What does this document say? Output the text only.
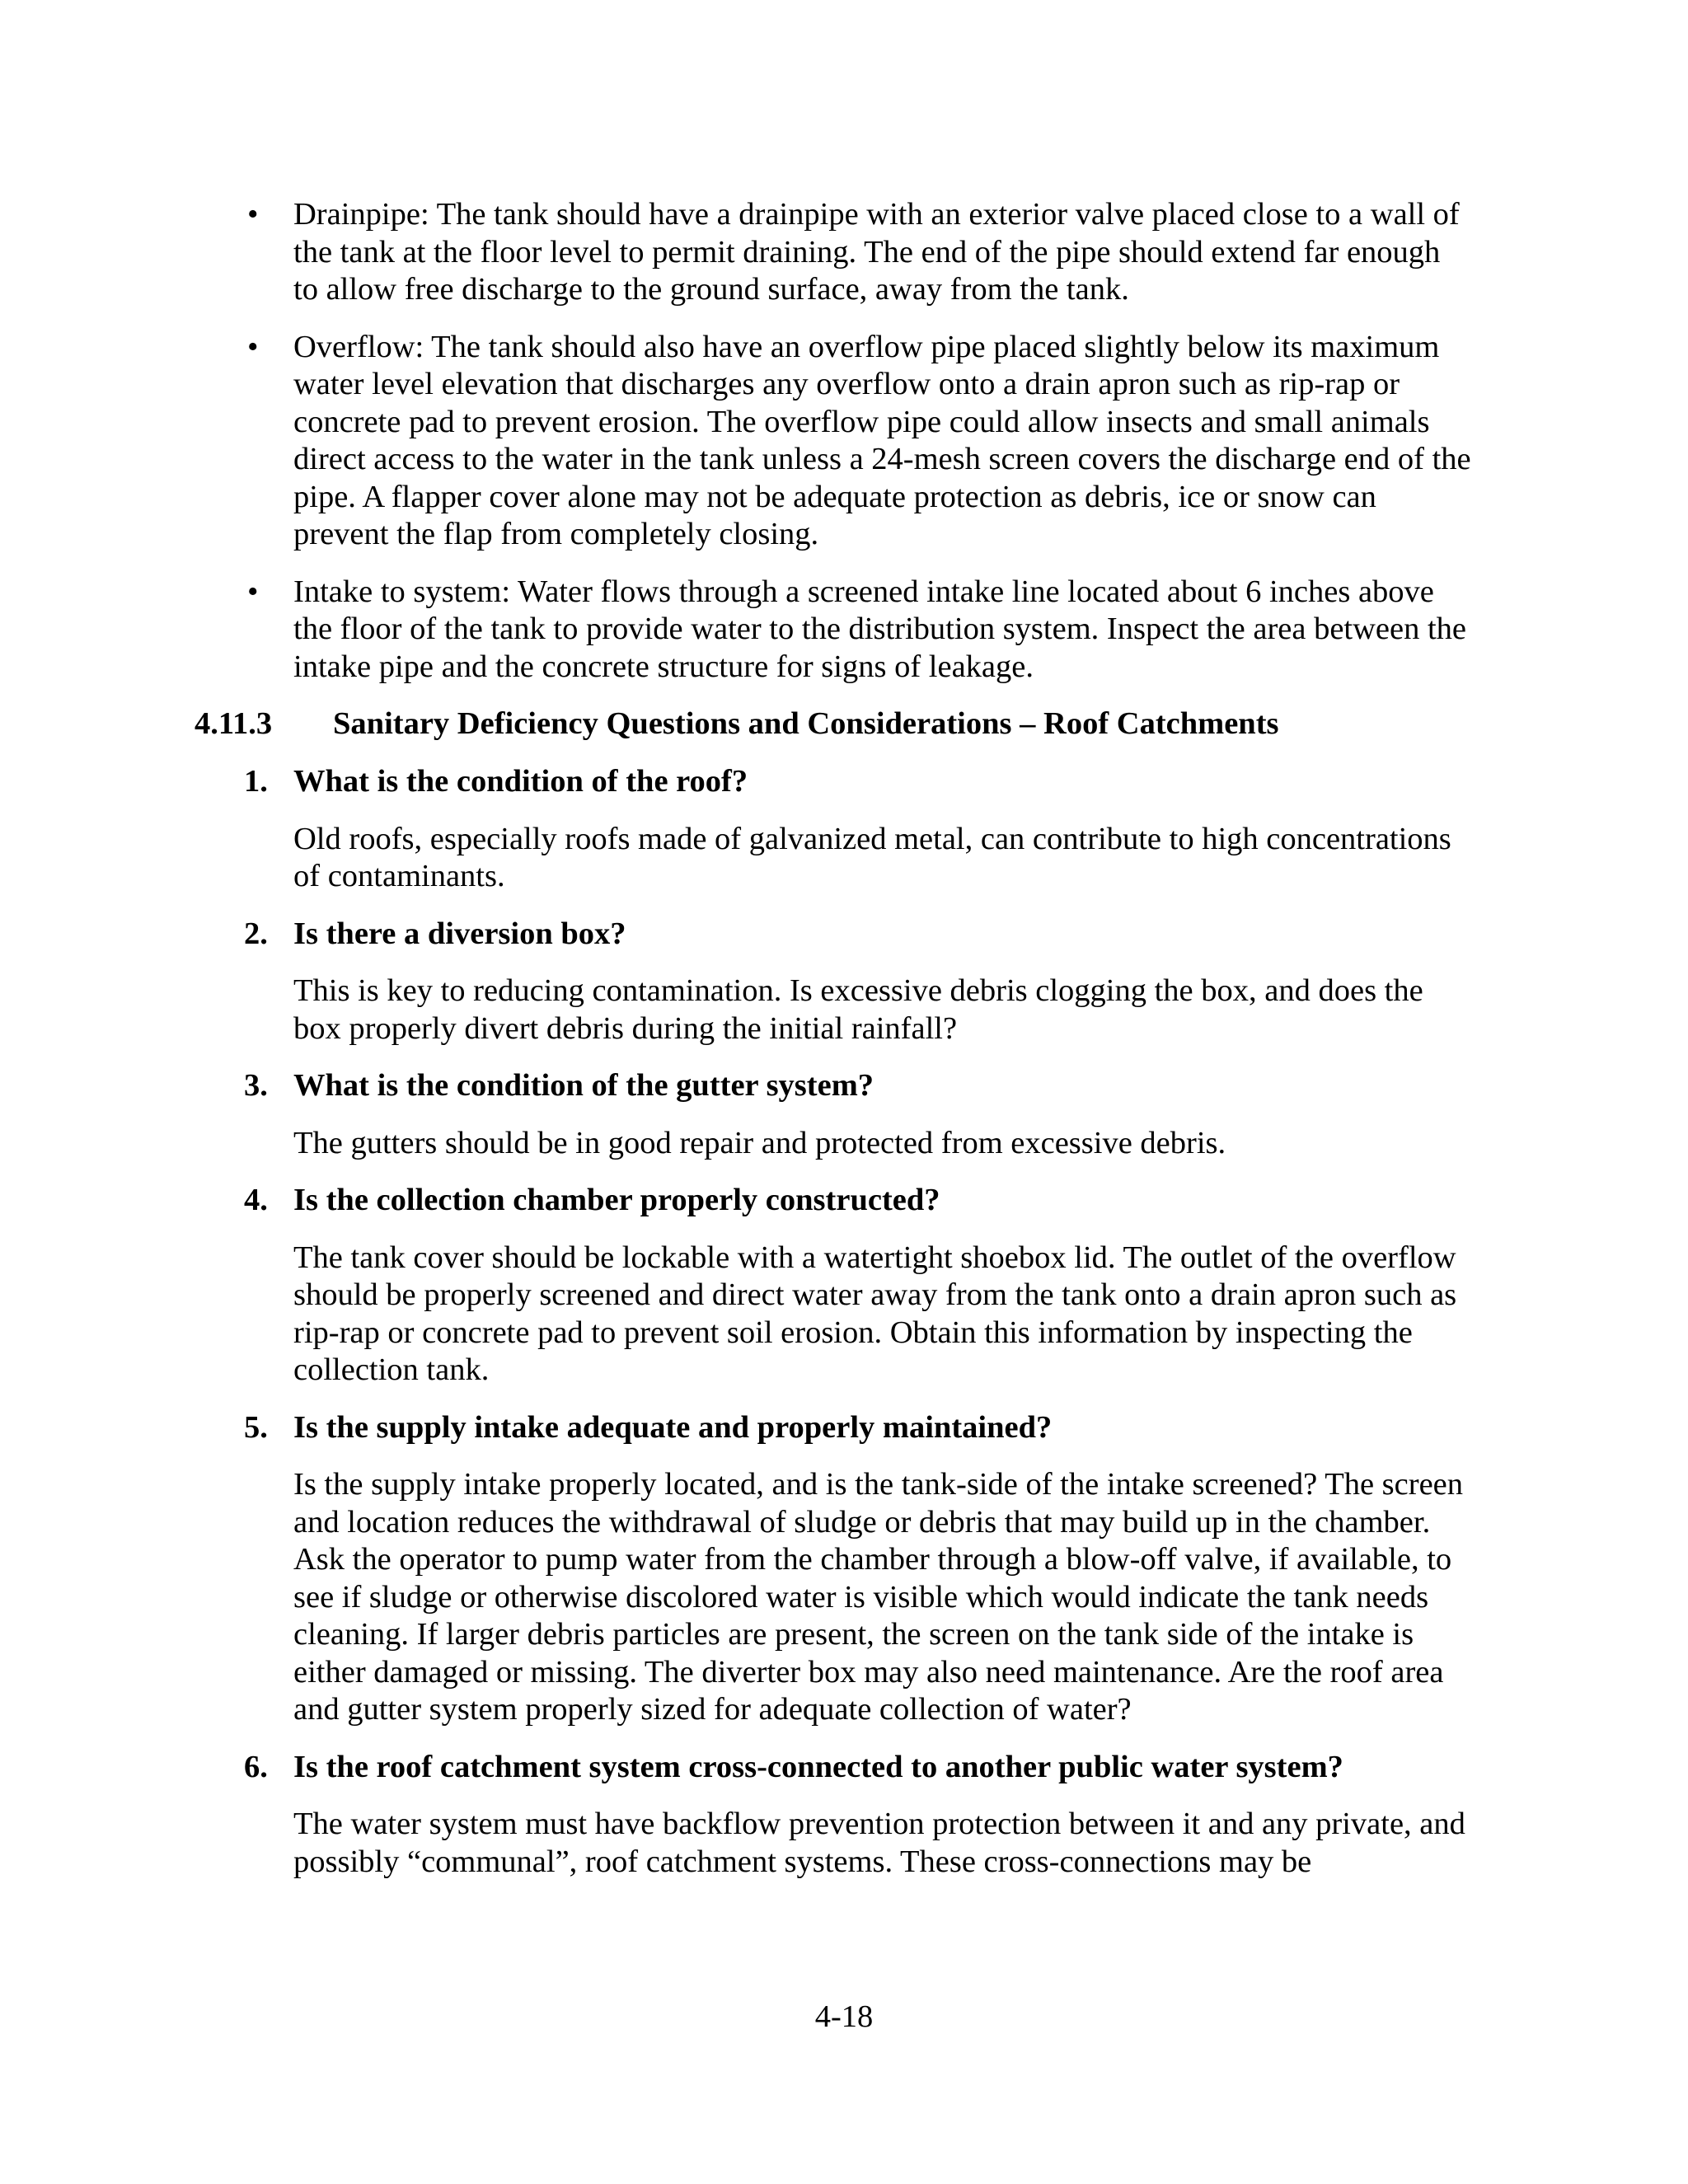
• Drainpipe: The tank should have a drainpipe with an exterior valve placed close to a wall of the tank at the floor level to permit draining. The end of the pipe should extend far enough to allow free discharge to the ground surface, away from the tank.
• Overflow: The tank should also have an overflow pipe placed slightly below its maximum water level elevation that discharges any overflow onto a drain apron such as rip-rap or concrete pad to prevent erosion. The overflow pipe could allow insects and small animals direct access to the water in the tank unless a 24-mesh screen covers the discharge end of the pipe. A flapper cover alone may not be adequate protection as debris, ice or snow can prevent the flap from completely closing.
• Intake to system: Water flows through a screened intake line located about 6 inches above the floor of the tank to provide water to the distribution system. Inspect the area between the intake pipe and the concrete structure for signs of leakage.
4.11.3 Sanitary Deficiency Questions and Considerations – Roof Catchments
1. What is the condition of the roof?
Old roofs, especially roofs made of galvanized metal, can contribute to high concentrations of contaminants.
2. Is there a diversion box?
This is key to reducing contamination. Is excessive debris clogging the box, and does the box properly divert debris during the initial rainfall?
3. What is the condition of the gutter system?
The gutters should be in good repair and protected from excessive debris.
4. Is the collection chamber properly constructed?
The tank cover should be lockable with a watertight shoebox lid. The outlet of the overflow should be properly screened and direct water away from the tank onto a drain apron such as rip-rap or concrete pad to prevent soil erosion. Obtain this information by inspecting the collection tank.
5. Is the supply intake adequate and properly maintained?
Is the supply intake properly located, and is the tank-side of the intake screened? The screen and location reduces the withdrawal of sludge or debris that may build up in the chamber. Ask the operator to pump water from the chamber through a blow-off valve, if available, to see if sludge or otherwise discolored water is visible which would indicate the tank needs cleaning. If larger debris particles are present, the screen on the tank side of the intake is either damaged or missing. The diverter box may also need maintenance. Are the roof area and gutter system properly sized for adequate collection of water?
6. Is the roof catchment system cross-connected to another public water system?
The water system must have backflow prevention protection between it and any private, and possibly “communal”, roof catchment systems. These cross-connections may be
4-18
